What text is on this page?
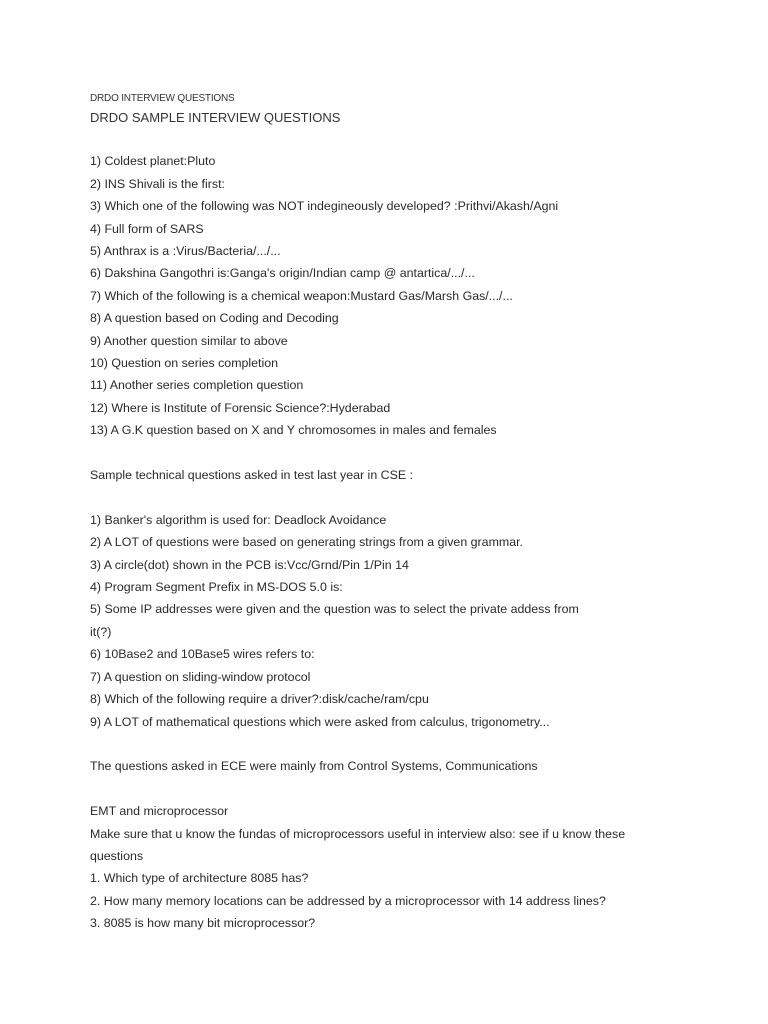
DRDO INTERVIEW QUESTIONS

DRDO SAMPLE INTERVIEW QUESTIONS

1) Coldest planet:Pluto

2) INS Shivali is the first:

3) Which one of the following was NOT indegineously developed? :Prithvi/Akash/Agni

4) Full form of SARS

5) Anthrax is a :Virus/Bacteria/.../...

6) Dakshina Gangothri is:Ganga's origin/Indian camp @ antartica/.../...

7) Which of the following is a chemical weapon:Mustard Gas/Marsh Gas/.../...

8) A question based on Coding and Decoding

9) Another question similar to above

10) Question on series completion

11) Another series completion question

12) Where is Institute of Forensic Science?:Hyderabad

13) A G.K question based on X and Y chromosomes in males and females

Sample technical questions asked in test last year in CSE :

1) Banker's algorithm is used for: Deadlock Avoidance

2) A LOT of questions were based on generating strings from a given grammar.

3) A circle(dot) shown in the PCB is:Vcc/Grnd/Pin 1/Pin 14

4) Program Segment Prefix in MS-DOS 5.0 is:

5) Some IP addresses were given and the question was to select the private addess from

it(?)

6) 10Base2 and 10Base5 wires refers to:

7) A question on sliding-window protocol

8) Which of the following require a driver?:disk/cache/ram/cpu

9) A LOT of mathematical questions which were asked from calculus, trigonometry...

The questions asked in ECE were mainly from Control Systems, Communications

EMT and microprocessor

Make sure that u know the fundas of microprocessors useful in interview also: see if u know these

questions

1. Which type of architecture 8085 has?

2. How many memory locations can be addressed by a microprocessor with 14 address lines?

3. 8085 is how many bit microprocessor?
